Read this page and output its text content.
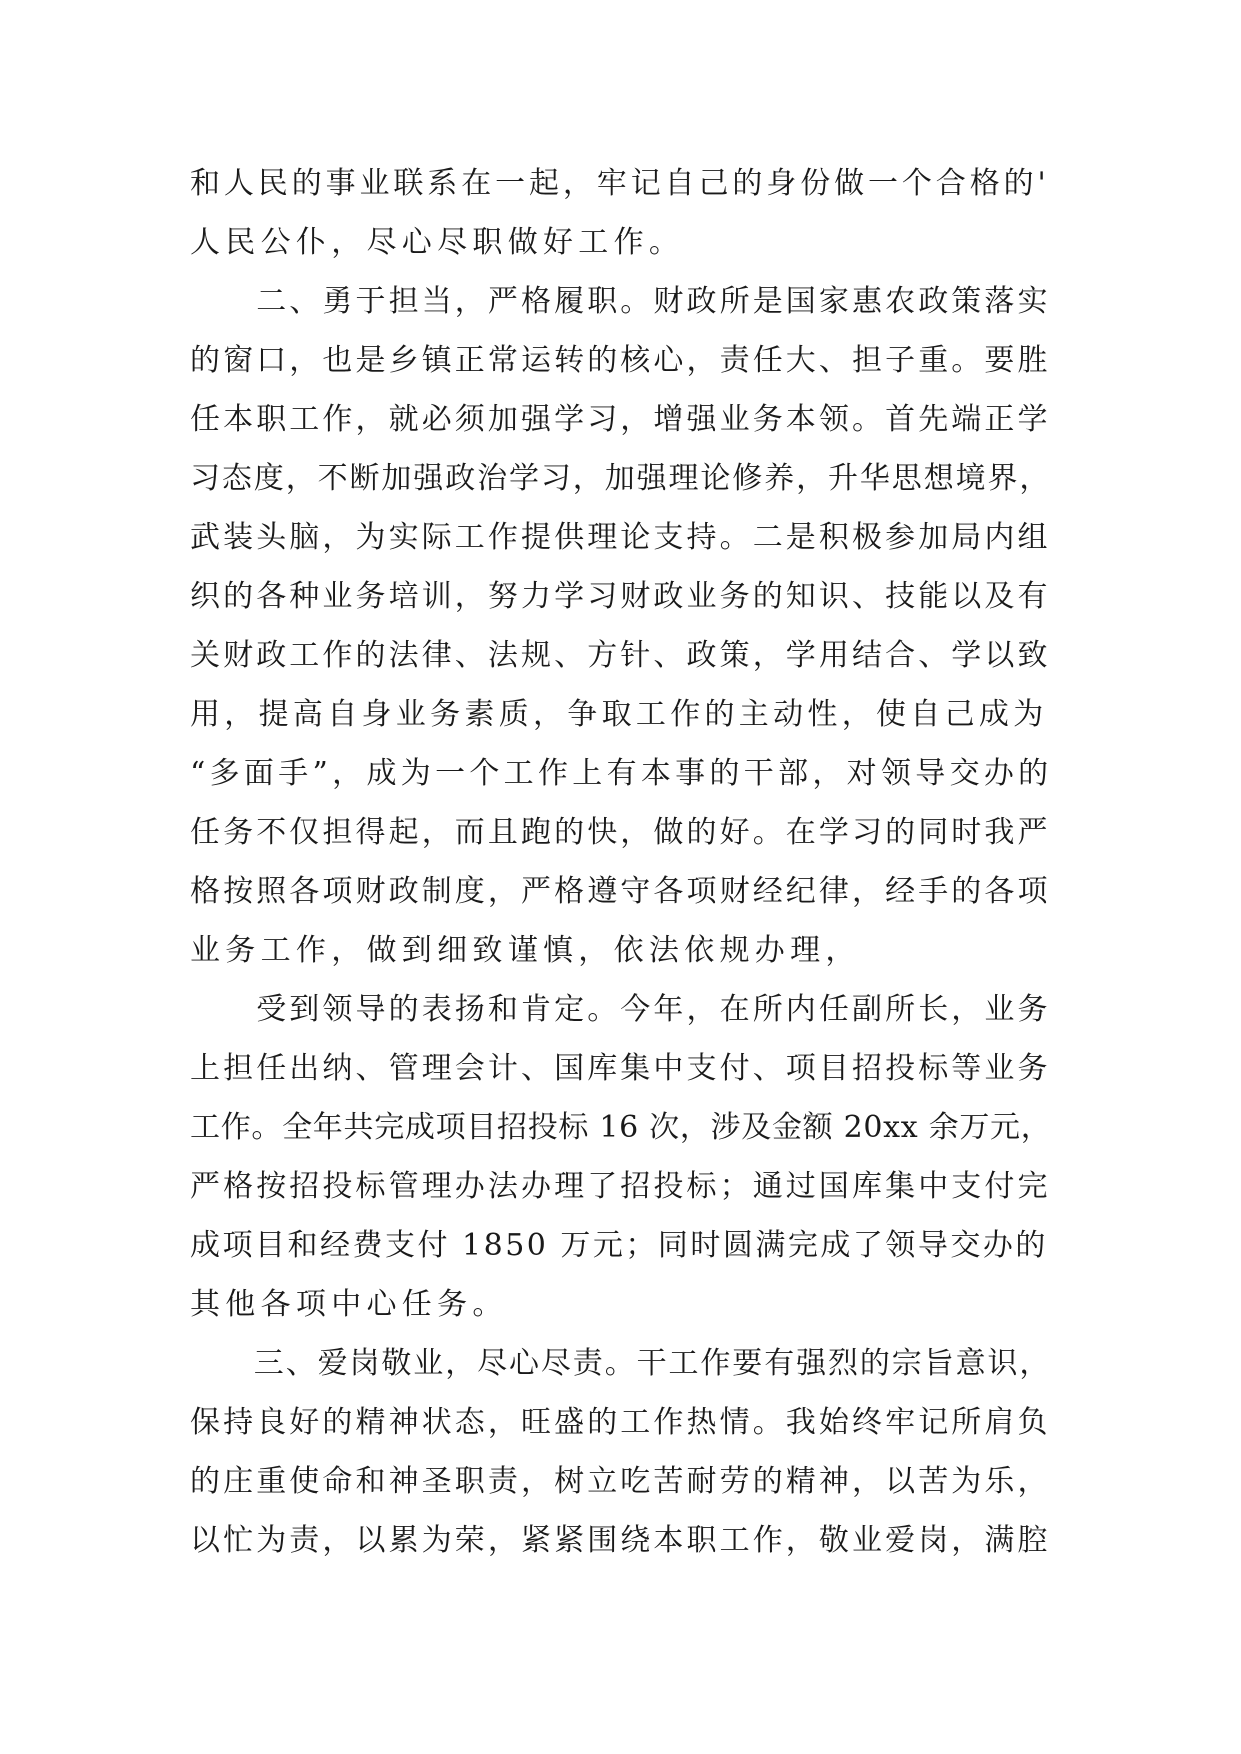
和人民的事业联系在一起，牢记自己的身份做一个合格的'
人民公仆，尽心尽职做好工作。
　　二、勇于担当，严格履职。财政所是国家惠农政策落实
的窗口，也是乡镇正常运转的核心，责任大、担子重。要胜
任本职工作，就必须加强学习，增强业务本领。首先端正学
习态度，不断加强政治学习，加强理论修养，升华思想境界，
武装头脑，为实际工作提供理论支持。二是积极参加局内组
织的各种业务培训，努力学习财政业务的知识、技能以及有
关财政工作的法律、法规、方针、政策，学用结合、学以致
用，提高自身业务素质，争取工作的主动性，使自己成为
“多面手”，成为一个工作上有本事的干部，对领导交办的
任务不仅担得起，而且跑的快，做的好。在学习的同时我严
格按照各项财政制度，严格遵守各项财经纪律，经手的各项
业务工作，做到细致谨慎，依法依规办理，
　　受到领导的表扬和肯定。今年，在所内任副所长，业务
上担任出纳、管理会计、国库集中支付、项目招投标等业务
工作。全年共完成项目招投标 16 次，涉及金额 20xx 余万元，
严格按招投标管理办法办理了招投标；通过国库集中支付完
成项目和经费支付 1850 万元；同时圆满完成了领导交办的
其他各项中心任务。
　　三、爱岗敬业，尽心尽责。干工作要有强烈的宗旨意识，
保持良好的精神状态，旺盛的工作热情。我始终牢记所肩负
的庄重使命和神圣职责，树立吃苦耐劳的精神，以苦为乐，
以忙为责，以累为荣，紧紧围绕本职工作，敬业爱岗，满腔
